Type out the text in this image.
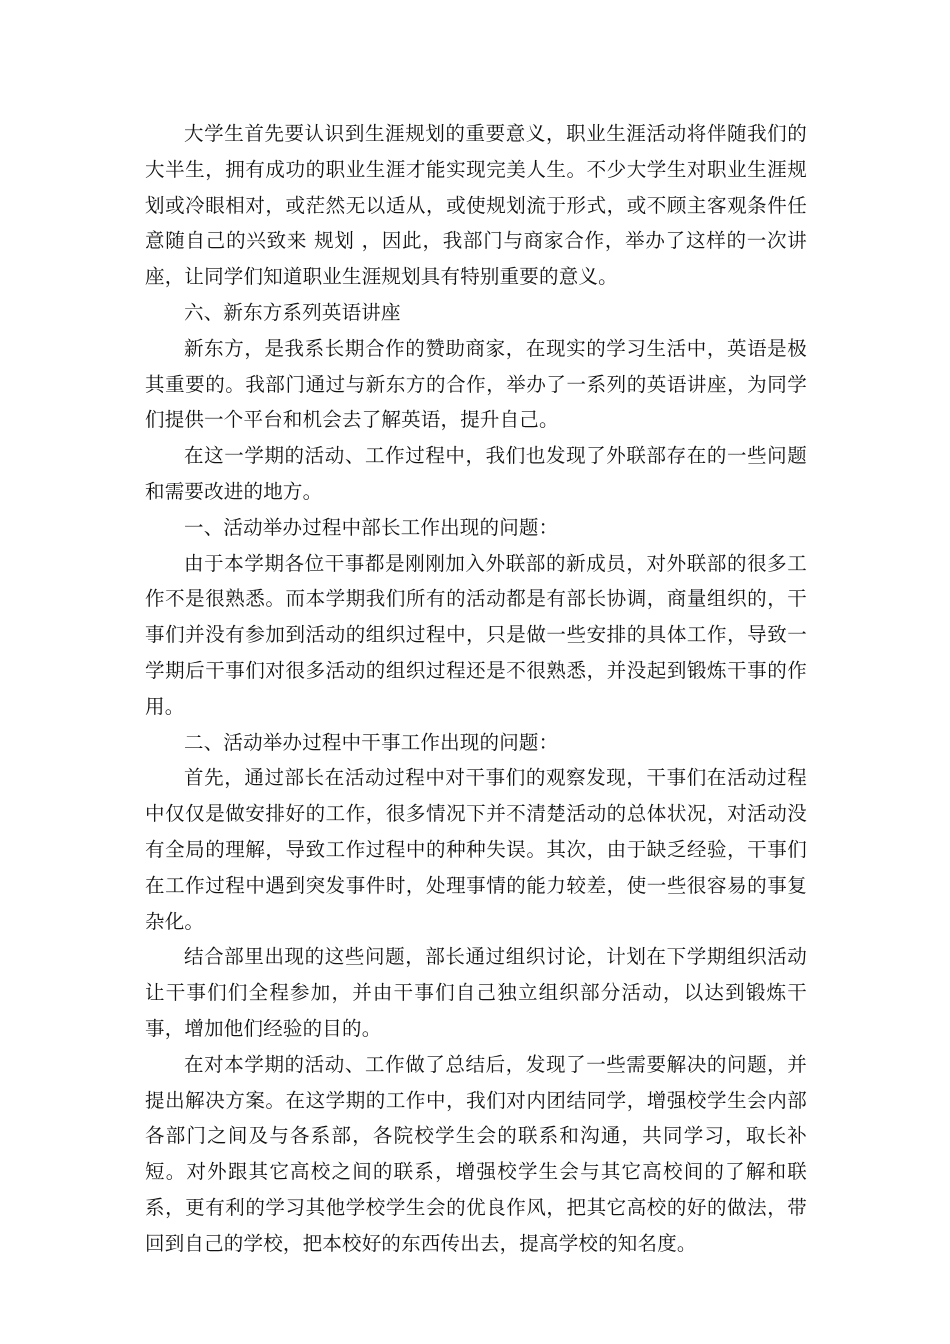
大学生首先要认识到生涯规划的重要意义，职业生涯活动将伴随我们的大半生，拥有成功的职业生涯才能实现完美人生。不少大学生对职业生涯规划或冷眼相对，或茫然无以适从，或使规划流于形式，或不顾主客观条件任意随自己的兴致来 规划 ，因此，我部门与商家合作，举办了这样的一次讲座，让同学们知道职业生涯规划具有特别重要的意义。

六、新东方系列英语讲座

新东方，是我系长期合作的赞助商家，在现实的学习生活中，英语是极其重要的。我部门通过与新东方的合作，举办了一系列的英语讲座，为同学们提供一个平台和机会去了解英语，提升自己。

在这一学期的活动、工作过程中，我们也发现了外联部存在的一些问题和需要改进的地方。

一、活动举办过程中部长工作出现的问题：

由于本学期各位干事都是刚刚加入外联部的新成员，对外联部的很多工作不是很熟悉。而本学期我们所有的活动都是有部长协调，商量组织的，干事们并没有参加到活动的组织过程中，只是做一些安排的具体工作，导致一学期后干事们对很多活动的组织过程还是不很熟悉，并没起到锻炼干事的作用。

二、活动举办过程中干事工作出现的问题：

首先，通过部长在活动过程中对干事们的观察发现，干事们在活动过程中仅仅是做安排好的工作，很多情况下并不清楚活动的总体状况，对活动没有全局的理解，导致工作过程中的种种失误。其次，由于缺乏经验，干事们在工作过程中遇到突发事件时，处理事情的能力较差，使一些很容易的事复杂化。

结合部里出现的这些问题，部长通过组织讨论，计划在下学期组织活动让干事们们全程参加，并由干事们自己独立组织部分活动，以达到锻炼干事，增加他们经验的目的。

在对本学期的活动、工作做了总结后，发现了一些需要解决的问题，并提出解决方案。在这学期的工作中，我们对内团结同学，增强校学生会内部各部门之间及与各系部，各院校学生会的联系和沟通，共同学习，取长补短。对外跟其它高校之间的联系，增强校学生会与其它高校间的了解和联系，更有利的学习其他学校学生会的优良作风，把其它高校的好的做法，带回到自己的学校，把本校好的东西传出去，提高学校的知名度。
